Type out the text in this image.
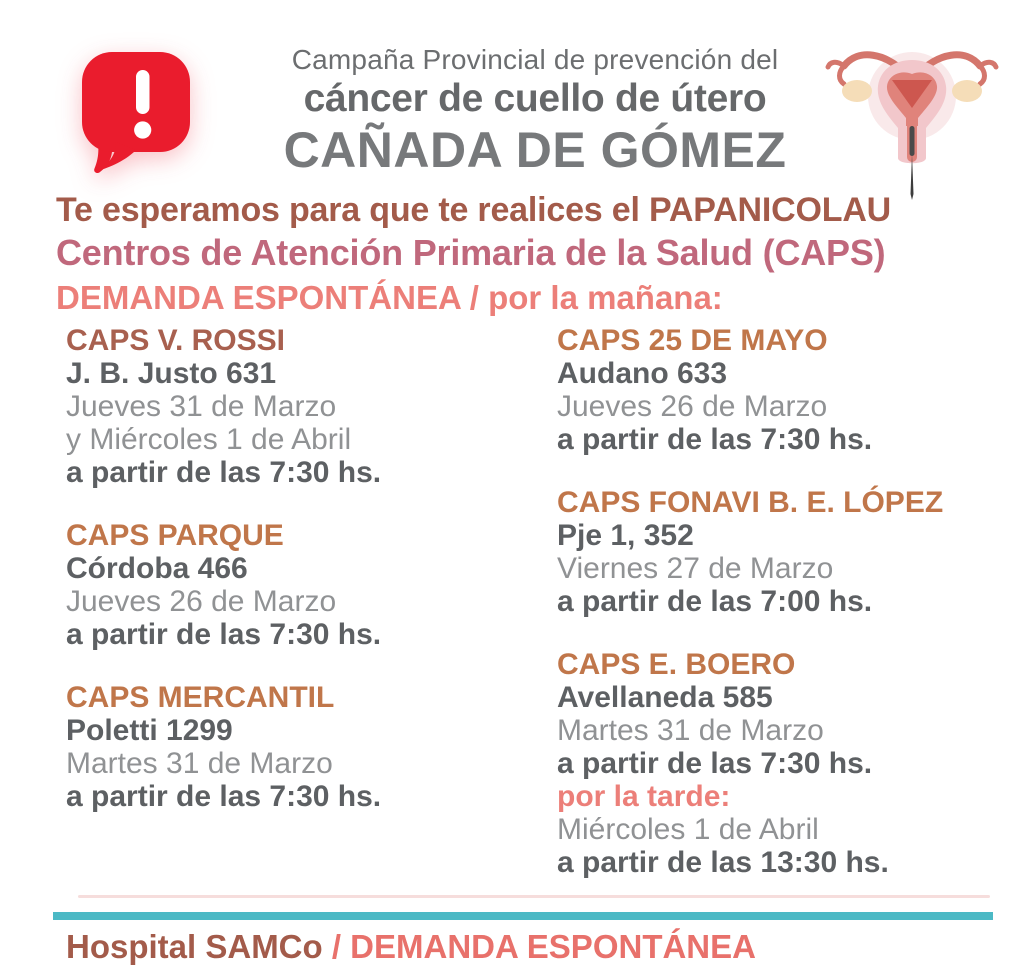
Campaña Provincial de prevención del
cáncer de cuello de útero
CAÑADA DE GÓMEZ
Te esperamos para que te realices el PAPANICOLAU
Centros de Atención Primaria de la Salud (CAPS)
DEMANDA ESPONTÁNEA / por la mañana:
CAPS V. ROSSI
J. B. Justo 631
Jueves 31 de Marzo
y Miércoles 1 de Abril
a partir de las 7:30 hs.
CAPS PARQUE
Córdoba 466
Jueves 26 de Marzo
a partir de las 7:30 hs.
CAPS MERCANTIL
Poletti 1299
Martes 31 de Marzo
a partir de las 7:30 hs.
CAPS 25 DE MAYO
Audano 633
Jueves 26 de Marzo
a partir de las 7:30 hs.
CAPS FONAVI B. E. LÓPEZ
Pje 1, 352
Viernes 27 de Marzo
a partir de las 7:00 hs.
CAPS E. BOERO
Avellaneda 585
Martes 31 de Marzo
a partir de las 7:30 hs.
por la tarde:
Miércoles 1 de Abril
a partir de las 13:30 hs.
Hospital SAMCo / DEMANDA ESPONTÁNEA
